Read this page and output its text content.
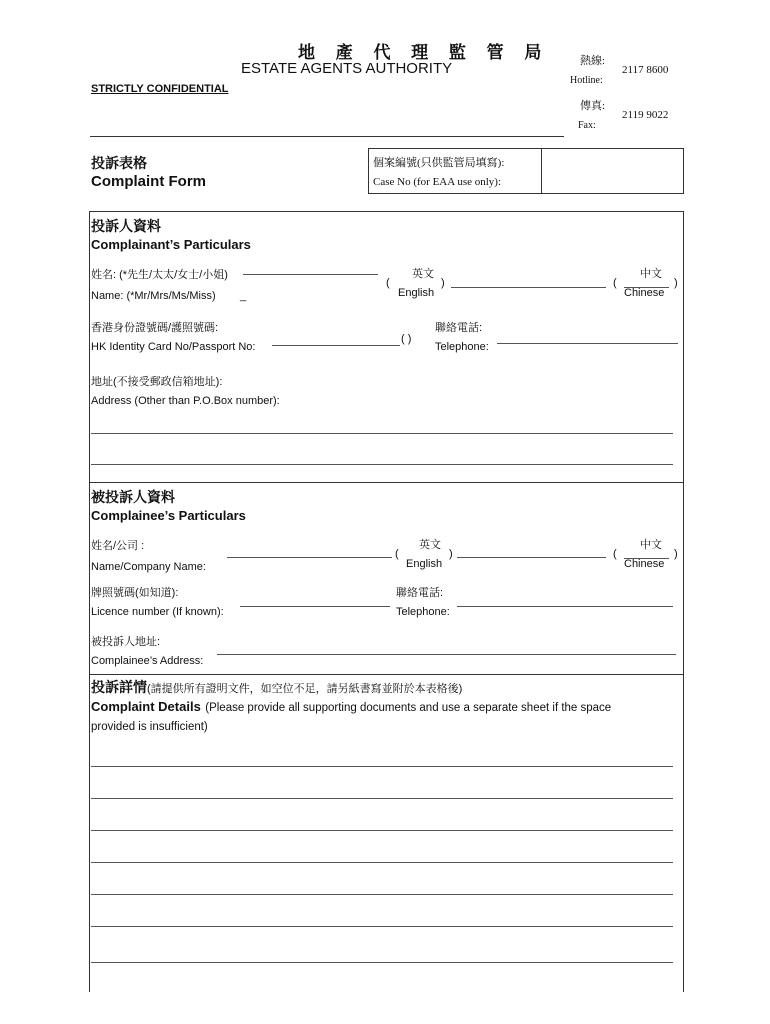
地 產 代 理 監 管 局
ESTATE AGENTS AUTHORITY
STRICTLY CONFIDENTIAL
熱線:
Hotline:
2117 8600
傳真:
Fax:
2119 9022
投訴表格
Complaint Form
個案編號(只供監管局填寫):
Case No (for EAA use only):
投訴人資料
Complainant’s Particulars
姓名: (*先生/太太/女士/小姐)
Name: (*Mr/Mrs/Ms/Miss) _
(
英文
English
)	(
中文
Chinese
)
香港身份證號碼/護照號碼:
HK Identity Card No/Passport No:
( )
聯絡電話:
Telephone:
地址(不接受郵政信箱地址):
Address (Other than P.O.Box number):
被投訴人資料
Complainee’s Particulars
姓名/公司 :
Name/Company Name:
(
英文
English
)	(
中文
Chinese
)
牌照號碼(如知道):
Licence number (If known):
聯絡電話:
Telephone:
被投訴人地址:
Complainee’s Address:
投訴詳情(請提供所有證明文件，如空位不足，請另紙書寫並附於本表格後)
Complaint Details (Please provide all supporting documents and use a separate sheet if the space
provided is insufficient)
